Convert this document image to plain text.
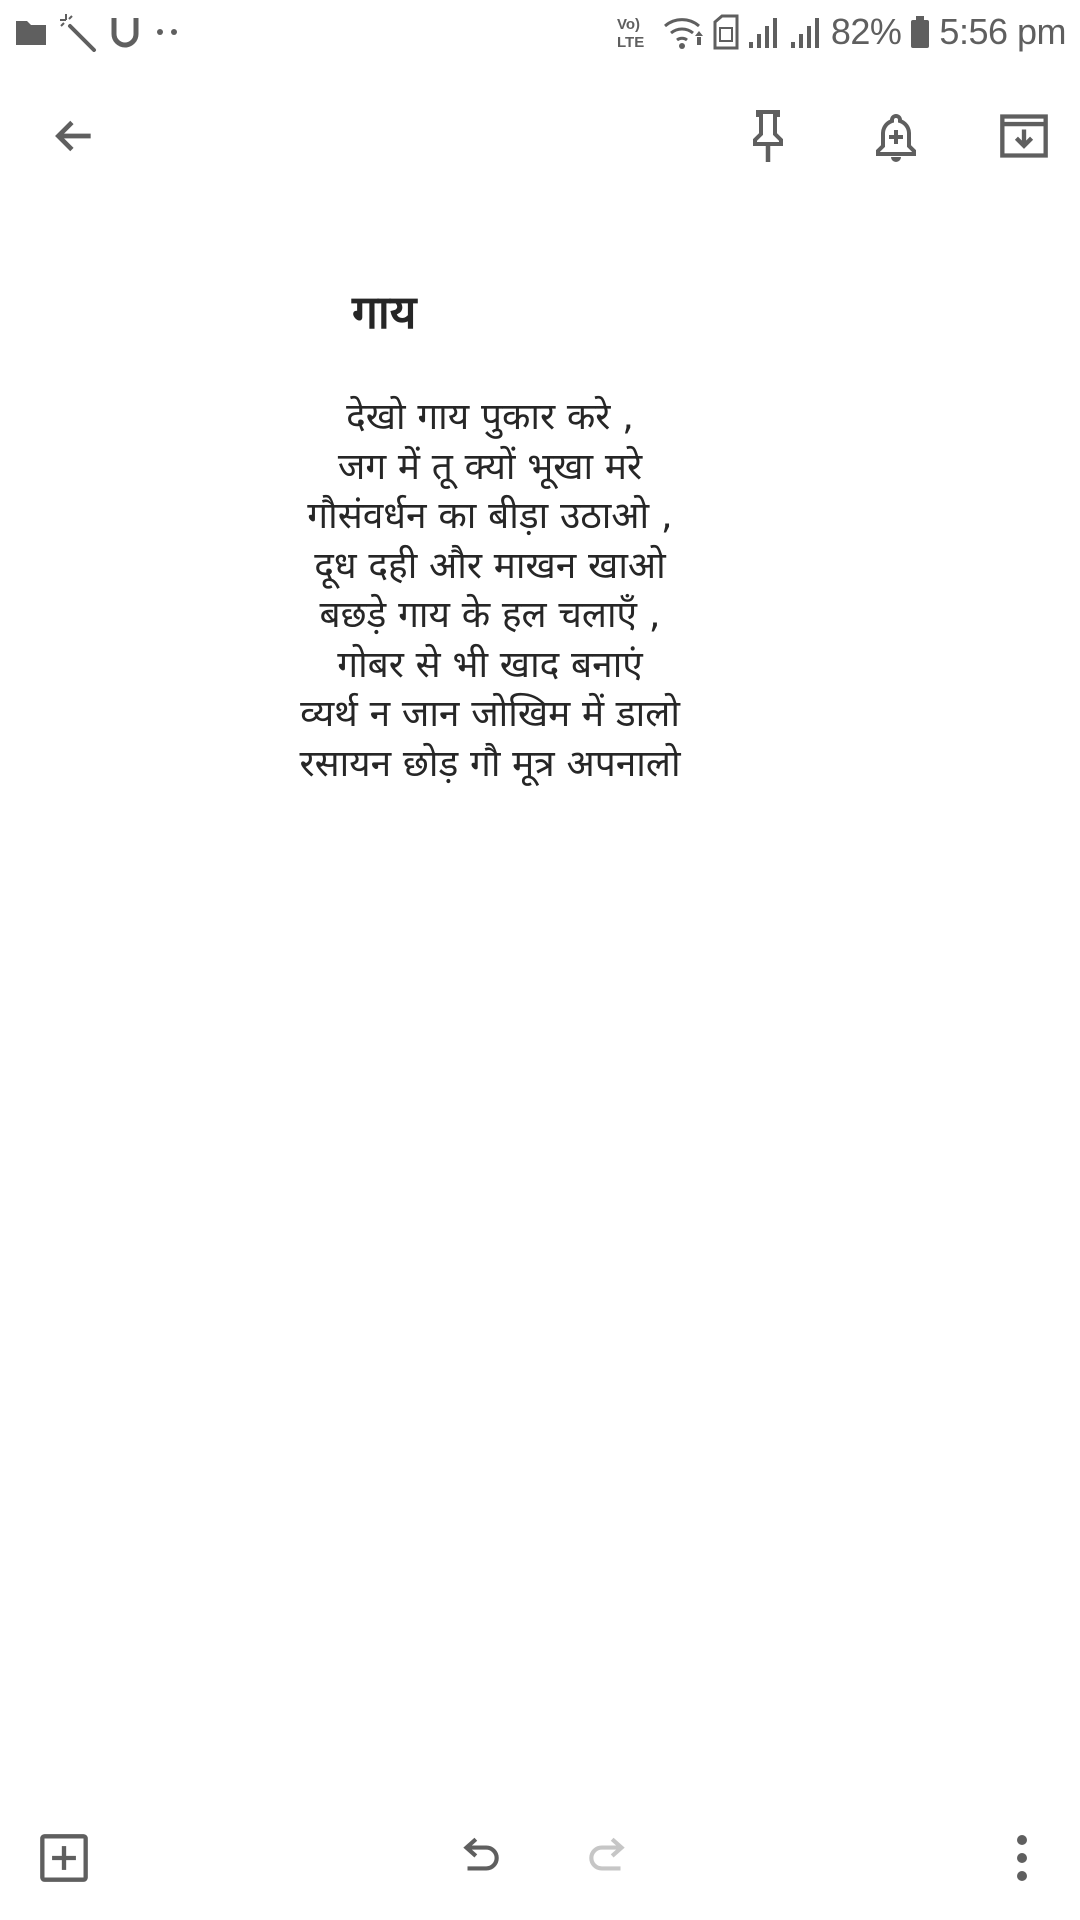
Vo)
LTE	82% 5:56 pm
गाय
देखो गाय पुकार करे ,
जग में तू क्यों भूखा मरे
गौसंवर्धन का बीड़ा उठाओ ,
दूध दही और माखन खाओ
बछड़े गाय के हल चलाएँ ,
गोबर से भी खाद बनाएं
व्यर्थ न जान जोखिम में डालो
रसायन छोड़ गौ मूत्र अपनालो
